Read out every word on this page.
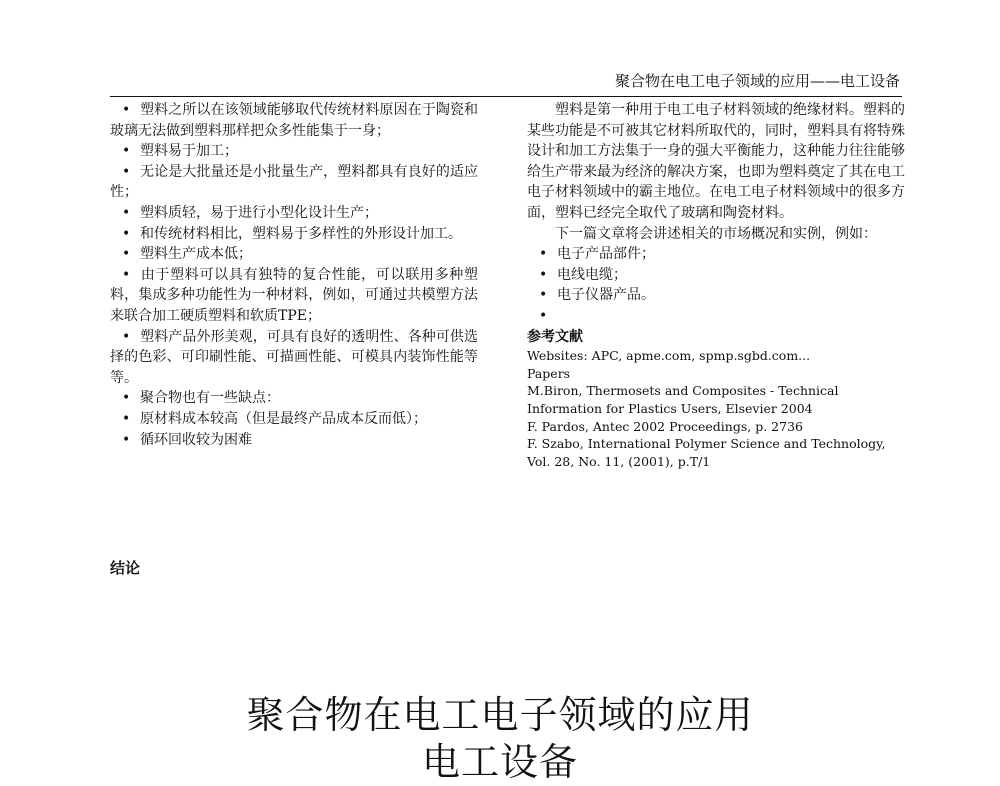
聚合物在电工电子领域的应用——电工设备

• 塑料之所以在该领域能够取代传统材料原因在于陶瓷和玻璃无法做到塑料那样把众多性能集于一身；

• 塑料易于加工；

• 无论是大批量还是小批量生产，塑料都具有良好的适应性；

• 塑料质轻，易于进行小型化设计生产；

• 和传统材料相比，塑料易于多样性的外形设计加工。

• 塑料生产成本低；

• 由于塑料可以具有独特的复合性能，可以联用多种塑料，集成多种功能性为一种材料，例如，可通过共模塑方法来联合加工硬质塑料和软质TPE；

• 塑料产品外形美观，可具有良好的透明性、各种可供选择的色彩、可印刷性能、可描画性能、可模具内装饰性能等等。

• 聚合物也有一些缺点：

• 原材料成本较高（但是最终产品成本反而低）；

• 循环回收较为困难

结论

塑料是第一种用于电工电子材料领域的绝缘材料。塑料的某些功能是不可被其它材料所取代的，同时，塑料具有将特殊设计和加工方法集于一身的强大平衡能力，这种能力往往能够给生产带来最为经济的解决方案，也即为塑料奠定了其在电工电子材料领域中的霸主地位。在电工电子材料领域中的很多方面，塑料已经完全取代了玻璃和陶瓷材料。

下一篇文章将会讲述相关的市场概况和实例，例如：

• 电子产品部件；

• 电线电缆；

• 电子仪器产品。

•

参考文献

Websites: APC, apme.com, spmp.sgbd.com...

Papers

M.Biron, Thermosets and Composites - Technical Information for Plastics Users, Elsevier 2004

F. Pardos, Antec 2002 Proceedings, p. 2736

F. Szabo, International Polymer Science and Technology, Vol. 28, No. 11, (2001), p.T/1

聚合物在电工电子领域的应用
电工设备
